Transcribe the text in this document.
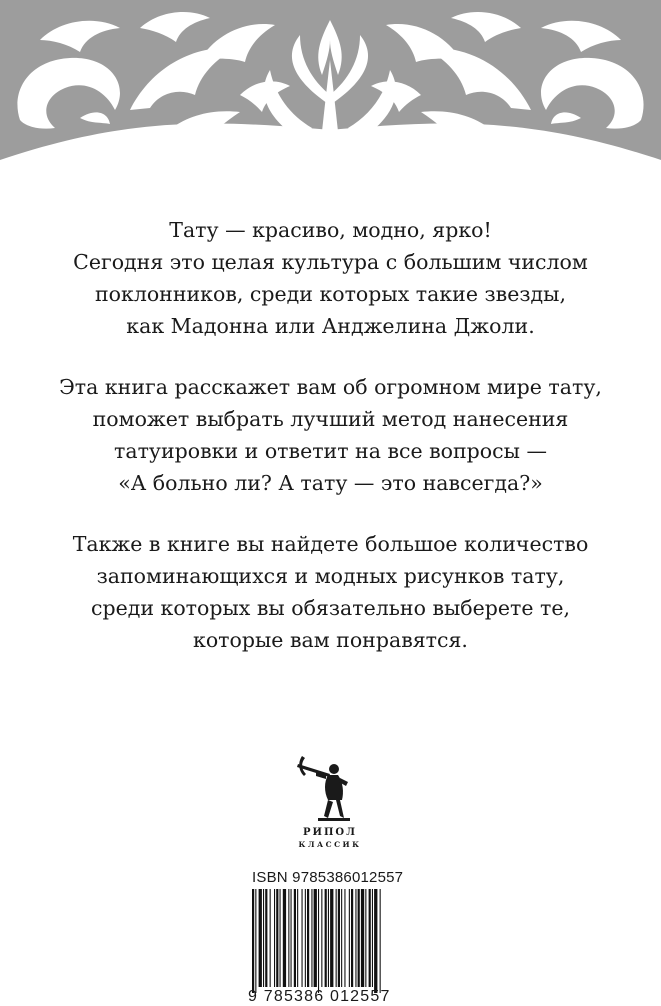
Тату — красиво, модно, ярко!
Сегодня это целая культура с большим числом
поклонников, среди которых такие звезды,
как Мадонна или Анджелина Джоли.

Эта книга расскажет вам об огромном мире тату,
поможет выбрать лучший метод нанесения
татуировки и ответит на все вопросы —
«А больно ли? А тату — это навсегда?»

Также в книге вы найдете большое количество
запоминающихся и модных рисунков тату,
среди которых вы обязательно выберете те,
которые вам понравятся.

РИПОЛ
КЛАССИК
ISBN 9785386012557
9 785386 012557
